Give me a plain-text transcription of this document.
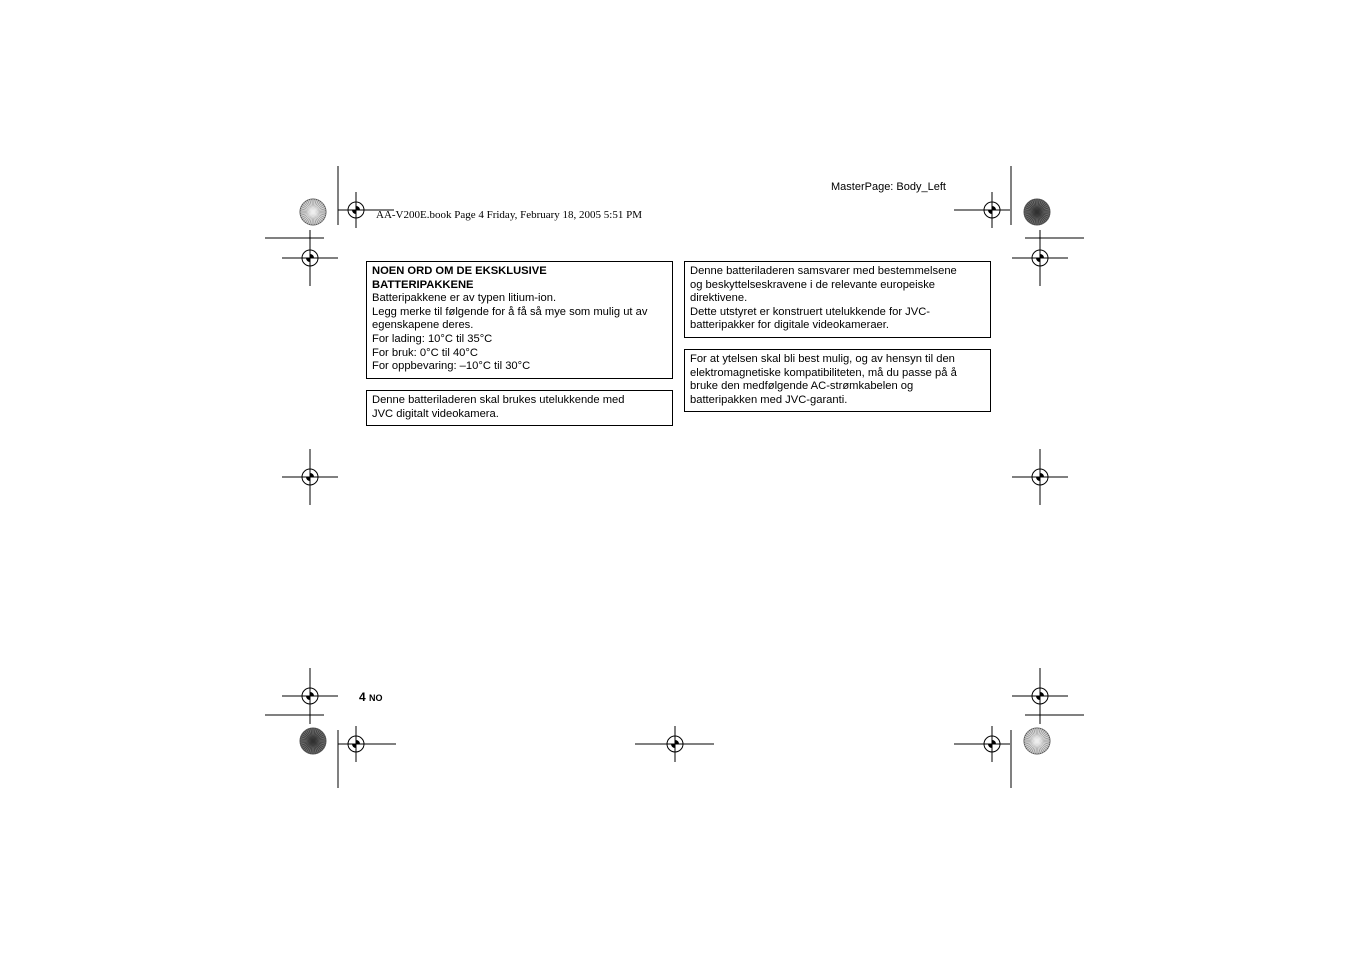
MasterPage: Body_Left
AA-V200E.book Page 4 Friday, February 18, 2005 5:51 PM
NOEN ORD OM DE EKSKLUSIVE
BATTERIPAKKENE
Batteripakkene er av typen litium-ion.
Legg merke til følgende for å få så mye som mulig ut av
egenskapene deres.
For lading: 10°C til 35°C
For bruk: 0°C til 40°C
For oppbevaring: –10°C til 30°C
Denne batteriladeren skal brukes utelukkende med
JVC digitalt videokamera.
Denne batteriladeren samsvarer med bestemmelsene
og beskyttelseskravene i de relevante europeiske
direktivene.
Dette utstyret er konstruert utelukkende for JVC-
batteripakker for digitale videokameraer.
For at ytelsen skal bli best mulig, og av hensyn til den
elektromagnetiske kompatibiliteten, må du passe på å
bruke den medfølgende AC-strømkabelen og
batteripakken med JVC-garanti.
4 NO
